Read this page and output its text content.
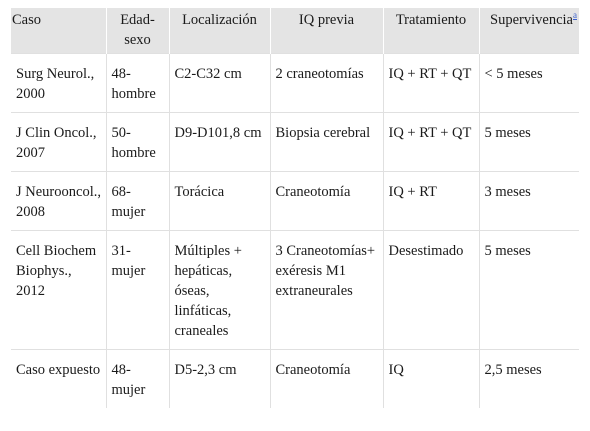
Caso	Edad-sexo	Localización	IQ previa	Tratamiento	Supervivencia$^a$
Surg Neurol., 2000	48-hombre	C2-C32 cm	2 craneotomías	IQ + RT + QT	< 5 meses
J Clin Oncol., 2007	50-hombre	D9-D101,8 cm	Biopsia cerebral	IQ + RT + QT	5 meses
J Neurooncol., 2008	68-mujer	Torácica	Craneotomía	IQ + RT	3 meses
Cell Biochem Biophys., 2012	31-mujer	Múltiples + hepáticas, óseas, linfáticas, craneales	3 Craneotomías+ exéresis M1 extraneurales	Desestimado	5 meses
Caso expuesto	48-mujer	D5-2,3 cm	Craneotomía	IQ	2,5 meses
